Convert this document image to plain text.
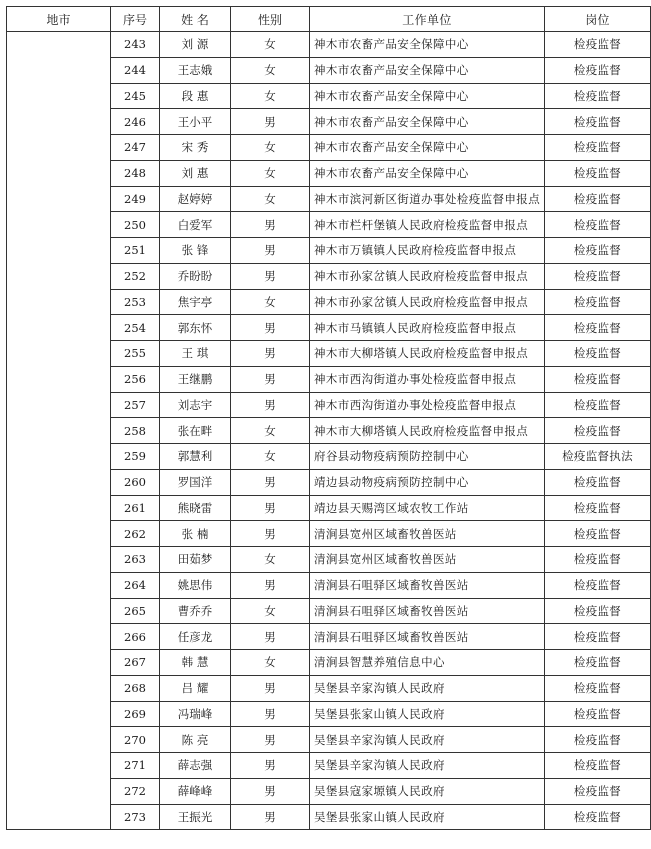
地市	序号	姓 名	性别	工作单位	岗位
	243	刘 源	女	神木市农畜产品安全保障中心	检疫监督
	244	王志娥	女	神木市农畜产品安全保障中心	检疫监督
	245	段 惠	女	神木市农畜产品安全保障中心	检疫监督
	246	王小平	男	神木市农畜产品安全保障中心	检疫监督
	247	宋 秀	女	神木市农畜产品安全保障中心	检疫监督
	248	刘 惠	女	神木市农畜产品安全保障中心	检疫监督
	249	赵婷婷	女	神木市滨河新区街道办事处检疫监督申报点	检疫监督
	250	白爱军	男	神木市栏杆堡镇人民政府检疫监督申报点	检疫监督
	251	张 锋	男	神木市万镇镇人民政府检疫监督申报点	检疫监督
	252	乔盼盼	男	神木市孙家岔镇人民政府检疫监督申报点	检疫监督
	253	焦宇亭	女	神木市孙家岔镇人民政府检疫监督申报点	检疫监督
	254	郭东怀	男	神木市马镇镇人民政府检疫监督申报点	检疫监督
	255	王 琪	男	神木市大柳塔镇人民政府检疫监督申报点	检疫监督
	256	王继鹏	男	神木市西沟街道办事处检疫监督申报点	检疫监督
	257	刘志宇	男	神木市西沟街道办事处检疫监督申报点	检疫监督
	258	张在畔	女	神木市大柳塔镇人民政府检疫监督申报点	检疫监督
	259	郭慧利	女	府谷县动物疫病预防控制中心	检疫监督执法
	260	罗国洋	男	靖边县动物疫病预防控制中心	检疫监督
	261	熊晓雷	男	靖边县天赐湾区域农牧工作站	检疫监督
	262	张 楠	男	清涧县宽州区域畜牧兽医站	检疫监督
	263	田茹梦	女	清涧县宽州区域畜牧兽医站	检疫监督
	264	姚思伟	男	清涧县石咀驿区域畜牧兽医站	检疫监督
	265	曹乔乔	女	清涧县石咀驿区域畜牧兽医站	检疫监督
	266	任彦龙	男	清涧县石咀驿区域畜牧兽医站	检疫监督
	267	韩 慧	女	清涧县智慧养殖信息中心	检疫监督
	268	吕 耀	男	吴堡县辛家沟镇人民政府	检疫监督
	269	冯瑞峰	男	吴堡县张家山镇人民政府	检疫监督
	270	陈 亮	男	吴堡县辛家沟镇人民政府	检疫监督
	271	薛志强	男	吴堡县辛家沟镇人民政府	检疫监督
	272	薛峰峰	男	吴堡县寇家塬镇人民政府	检疫监督
	273	王振光	男	吴堡县张家山镇人民政府	检疫监督
